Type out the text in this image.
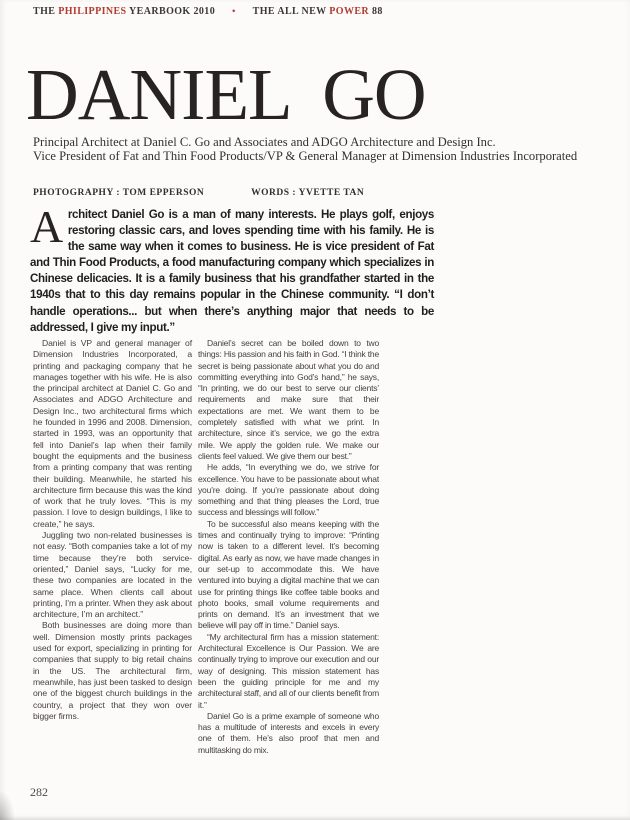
THE PHILIPPINES YEARBOOK 2010 • THE ALL NEW POWER 88
DANIEL GO
Principal Architect at Daniel C. Go and Associates and ADGO Architecture and Design Inc.
Vice President of Fat and Thin Food Products/VP & General Manager at Dimension Industries Incorporated
PHOTOGRAPHY : TOM EPPERSON	WORDS : YVETTE TAN
Architect Daniel Go is a man of many interests. He plays golf, enjoys restoring classic cars, and loves spending time with his family. He is the same way when it comes to business. He is vice president of Fat and Thin Food Products, a food manufacturing company which specializes in Chinese delicacies. It is a family business that his grandfather started in the 1940s that to this day remains popular in the Chinese community. “I don’t handle operations... but when there’s anything major that needs to be addressed, I give my input.”

Daniel is VP and general manager of Dimension Industries Incorporated, a printing and packaging company that he manages together with his wife. He is also the principal architect at Daniel C. Go and Associates and ADGO Architecture and Design Inc., two architectural firms which he founded in 1996 and 2008. Dimension, started in 1993, was an opportunity that fell into Daniel’s lap when their family bought the equipments and the business from a printing company that was renting their building. Meanwhile, he started his architecture firm because this was the kind of work that he truly loves. “This is my passion. I love to design buildings, I like to create,” he says.

Juggling two non-related businesses is not easy. “Both companies take a lot of my time because they’re both service-oriented,” Daniel says, “Lucky for me, these two companies are located in the same place. When clients call about printing, I’m a printer. When they ask about architecture, I’m an architect.”

Both businesses are doing more than well. Dimension mostly prints packages used for export, specializing in printing for companies that supply to big retail chains in the US. The architectural firm, meanwhile, has just been tasked to design one of the biggest church buildings in the country, a project that they won over bigger firms.

Daniel’s secret can be boiled down to two things: His passion and his faith in God. “I think the secret is being passionate about what you do and committing everything into God’s hand,” he says, “In printing, we do our best to serve our clients’ requirements and make sure that their expectations are met. We want them to be completely satisfied with what we print. In architecture, since it’s service, we go the extra mile. We apply the golden rule. We make our clients feel valued. We give them our best.”

He adds, “In everything we do, we strive for excellence. You have to be passionate about what you’re doing. If you’re passionate about doing something and that thing pleases the Lord, true success and blessings will follow.”

To be successful also means keeping with the times and continually trying to improve: “Printing now is taken to a different level. It’s becoming digital. As early as now, we have made changes in our set-up to accommodate this. We have ventured into buying a digital machine that we can use for printing things like coffee table books and photo books, small volume requirements and prints on demand. It’s an investment that we believe will pay off in time.” Daniel says.

“My architectural firm has a mission statement: Architectural Excellence is Our Passion. We are continually trying to improve our execution and our way of designing. This mission statement has been the guiding principle for me and my architectural staff, and all of our clients benefit from it.”

Daniel Go is a prime example of someone who has a multitude of interests and excels in every one of them. He’s also proof that men and multitasking do mix.

282
